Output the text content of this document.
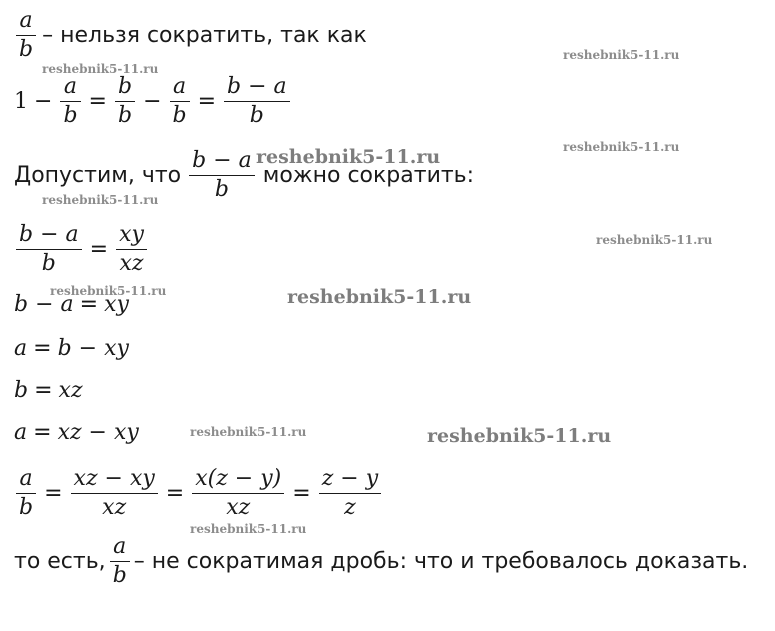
$\frac{a}{b}$ – нельзя сократить, так как
$1 - \frac{a}{b} = \frac{b}{b} - \frac{a}{b} = \frac{b - a}{b}$
Допустим, что $\frac{b - a}{b}$ можно сократить:
$\frac{b - a}{b} = \frac{xy}{xz}$
b − a = xy
a = b − xy
b = xz
a = xz − xy
$\frac{a}{b} = \frac{xz - xy}{xz} = \frac{x(z - y)}{xz} = \frac{z - y}{z}$
то есть, $\frac{a}{b}$ – не сократимая дробь: что и требовалось доказать.
reshebnik5-11.ru
reshebnik5-11.ru
reshebnik5-11.ru
reshebnik5-11.ru
reshebnik5-11.ru
reshebnik5-11.ru
reshebnik5-11.ru	reshebnik5-11.ru
reshebnik5-11.ru	reshebnik5-11.ru
reshebnik5-11.ru
